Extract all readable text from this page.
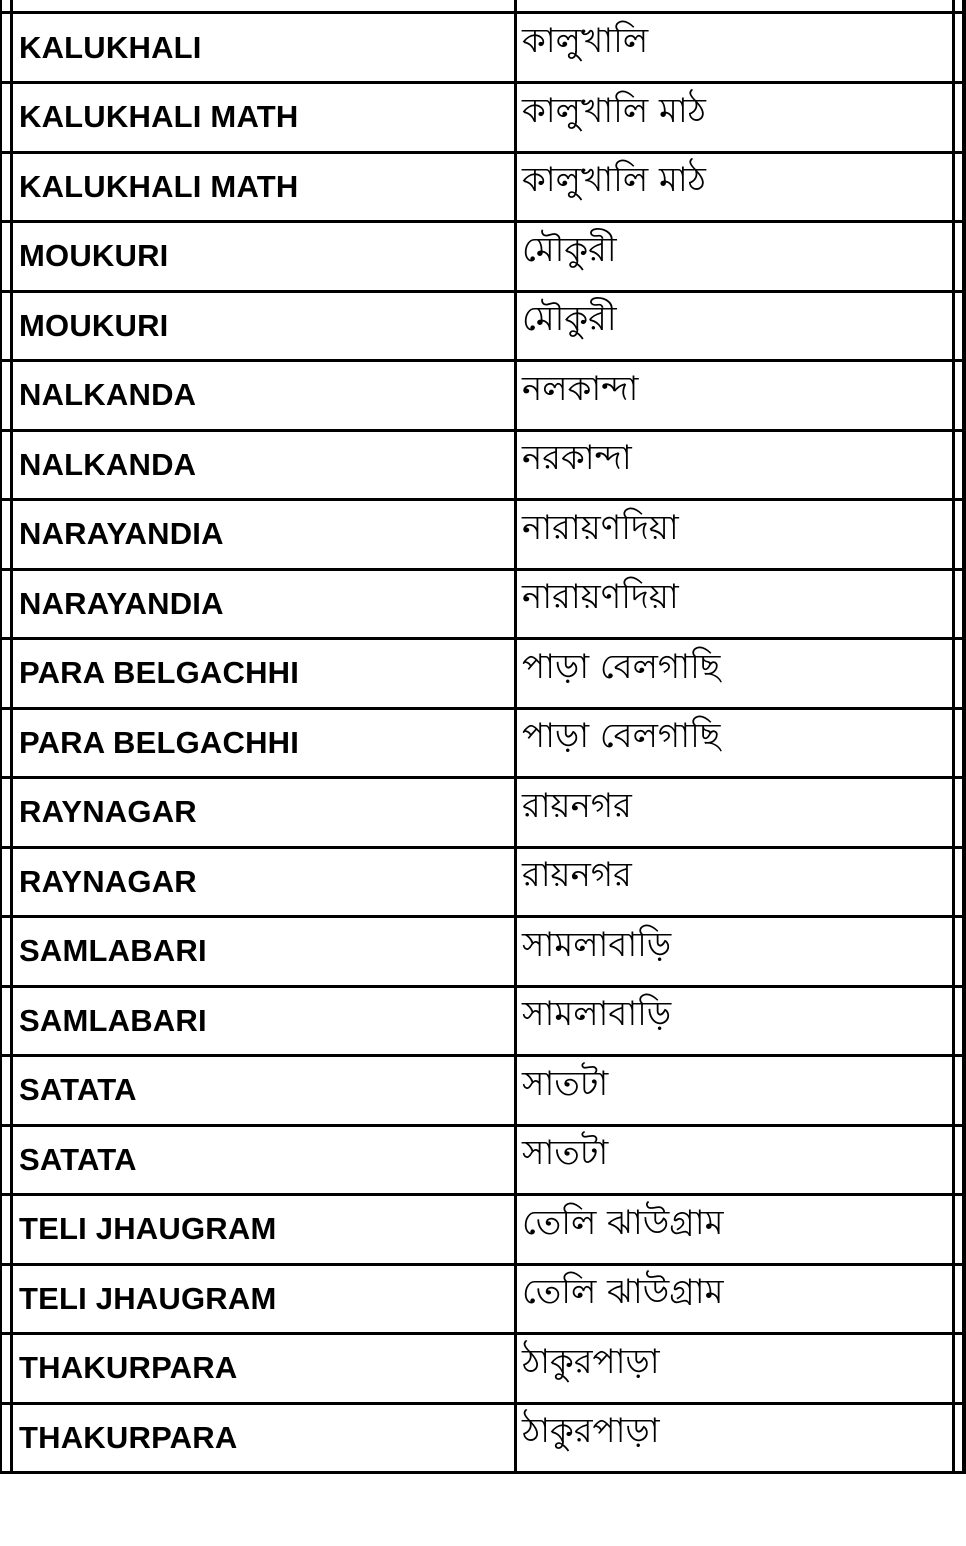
KALUKHALI	কালুখালি
KALUKHALI MATH	কালুখালি মাঠ
KALUKHALI MATH	কালুখালি মাঠ
MOUKURI	মৌকুরী
MOUKURI	মৌকুরী
NALKANDA	নলকান্দা
NALKANDA	নরকান্দা
NARAYANDIA	নারায়ণদিয়া
NARAYANDIA	নারায়ণদিয়া
PARA BELGACHHI	পাড়া বেলগাছি
PARA BELGACHHI	পাড়া বেলগাছি
RAYNAGAR	রায়নগর
RAYNAGAR	রায়নগর
SAMLABARI	সামলাবাড়ি
SAMLABARI	সামলাবাড়ি
SATATA	সাতটা
SATATA	সাতটা
TELI JHAUGRAM	তেলি ঝাউগ্রাম
TELI JHAUGRAM	তেলি ঝাউগ্রাম
THAKURPARA	ঠাকুরপাড়া
THAKURPARA	ঠাকুরপাড়া
